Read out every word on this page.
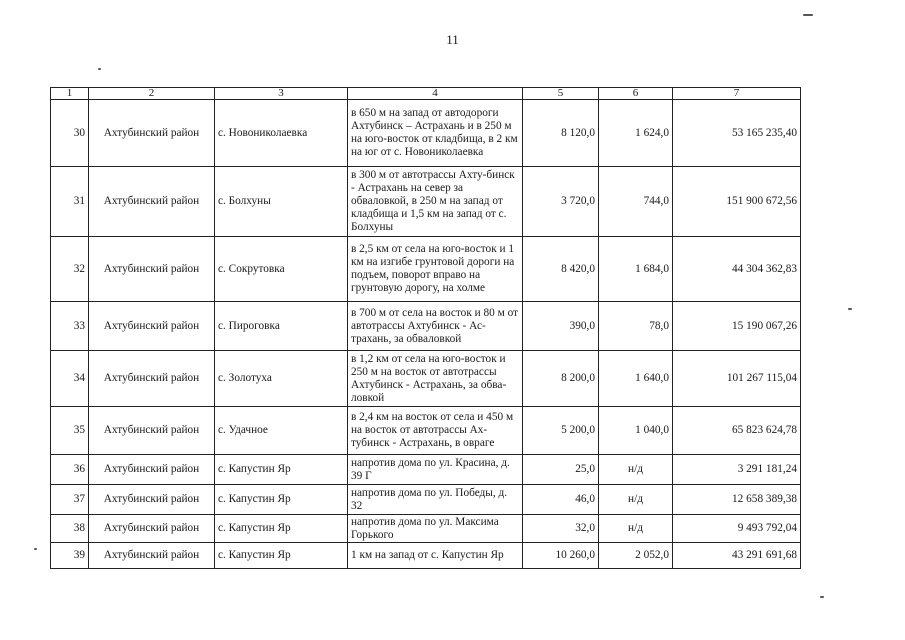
11
1	2	3	4	5	6	7
30	Ахтубинский район	с. Новониколаевка	в 650 м на запад от автодороги Ахтубинск – Астрахань и в 250 м на юго-восток от кладбища, в 2 км на юг от с. Новониколаевка	8 120,0	1 624,0	53 165 235,40
31	Ахтубинский район	с. Болхуны	в 300 м от автотрассы Ахту-бинск - Астрахань на север за обваловкой, в 250 м на запад от кладбища и 1,5 км на запад от с. Болхуны	3 720,0	744,0	151 900 672,56
32	Ахтубинский район	с. Сокрутовка	в 2,5 км от села на юго-восток и 1 км на изгибе грунтовой дороги на подъем, поворот вправо на грунтовую дорогу, на холме	8 420,0	1 684,0	44 304 362,83
33	Ахтубинский район	с. Пироговка	в 700 м от села на восток и 80 м от автотрассы Ахтубинск - Ас-трахань, за обваловкой	390,0	78,0	15 190 067,26
34	Ахтубинский район	с. Золотуха	в 1,2 км от села на юго-восток и 250 м на восток от автотрассы Ахтубинск - Астрахань, за обва-ловкой	8 200,0	1 640,0	101 267 115,04
35	Ахтубинский район	с. Удачное	в 2,4 км на восток от села и 450 м на восток от автотрассы Ах-тубинск - Астрахань, в овраге	5 200,0	1 040,0	65 823 624,78
36	Ахтубинский район	с. Капустин Яр	напротив дома по ул. Красина, д. 39 Г	25,0	н/д	3 291 181,24
37	Ахтубинский район	с. Капустин Яр	напротив дома по ул. Победы, д. 32	46,0	н/д	12 658 389,38
38	Ахтубинский район	с. Капустин Яр	напротив дома по ул. Максима Горького	32,0	н/д	9 493 792,04
39	Ахтубинский район	с. Капустин Яр	1 км на запад от с. Капустин Яр	10 260,0	2 052,0	43 291 691,68
